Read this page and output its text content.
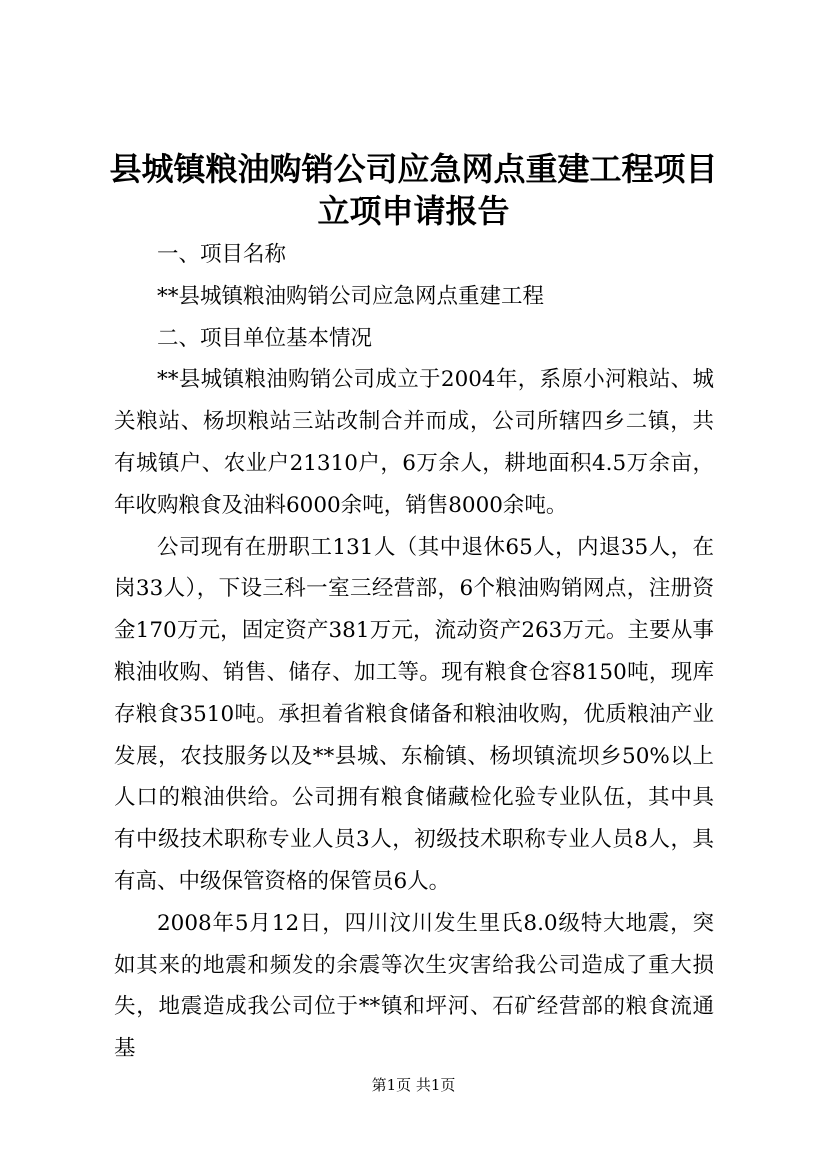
县城镇粮油购销公司应急网点重建工程项目立项申请报告

一、项目名称

**县城镇粮油购销公司应急网点重建工程

二、项目单位基本情况

**县城镇粮油购销公司成立于2004年，系原小河粮站、城关粮站、杨坝粮站三站改制合并而成，公司所辖四乡二镇，共有城镇户、农业户21310户，6万余人，耕地面积4.5万余亩，年收购粮食及油料6000余吨，销售8000余吨。

公司现有在册职工131人（其中退休65人，内退35人，在岗33人），下设三科一室三经营部，6个粮油购销网点，注册资金170万元，固定资产381万元，流动资产263万元。主要从事粮油收购、销售、储存、加工等。现有粮食仓容8150吨，现库存粮食3510吨。承担着省粮食储备和粮油收购，优质粮油产业发展，农技服务以及**县城、东榆镇、杨坝镇流坝乡50%以上人口的粮油供给。公司拥有粮食储藏检化验专业队伍，其中具有中级技术职称专业人员3人，初级技术职称专业人员8人，具有高、中级保管资格的保管员6人。

2008年5月12日，四川汶川发生里氏8.0级特大地震，突如其来的地震和频发的余震等次生灾害给我公司造成了重大损失，地震造成我公司位于**镇和坪河、石矿经营部的粮食流通基

第1页 共1页
